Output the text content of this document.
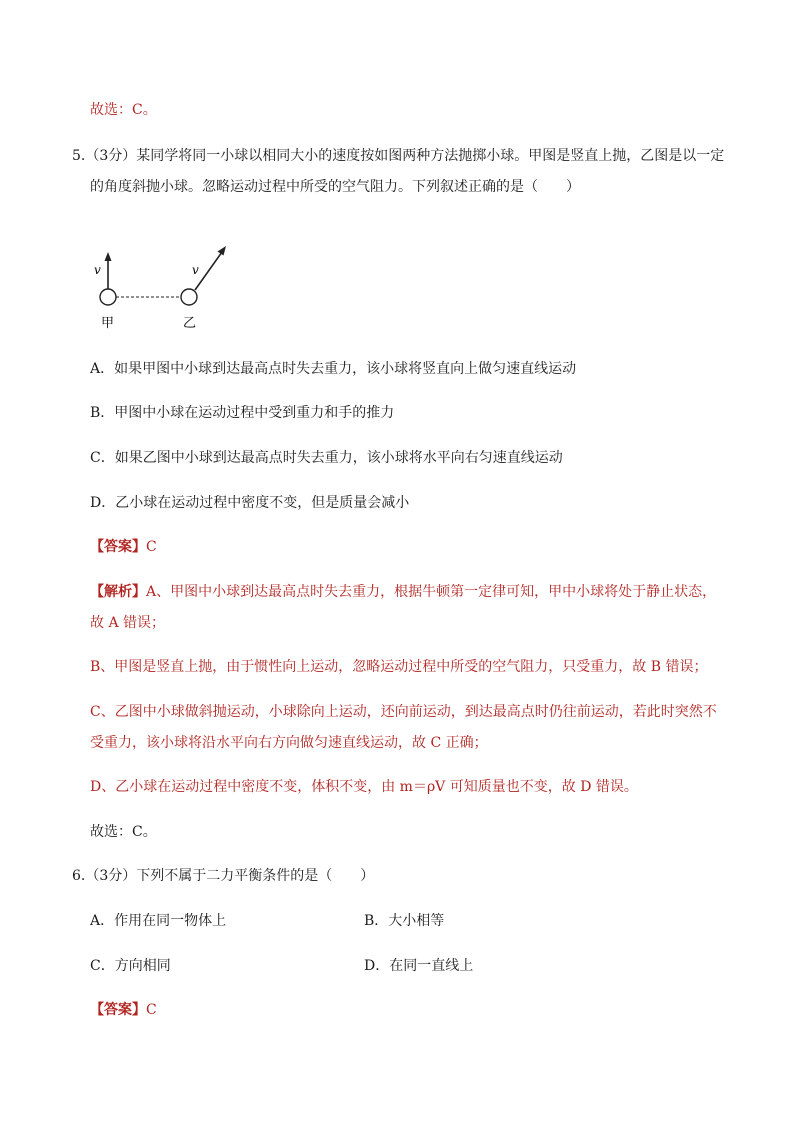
故选：C。
5.（3分）某同学将同一小球以相同大小的速度按如图两种方法抛掷小球。甲图是竖直上抛，乙图是以一定
的角度斜抛小球。忽略运动过程中所受的空气阻力。下列叙述正确的是（　　）
v
甲
v
乙
A．如果甲图中小球到达最高点时失去重力，该小球将竖直向上做匀速直线运动
B．甲图中小球在运动过程中受到重力和手的推力
C．如果乙图中小球到达最高点时失去重力，该小球将水平向右匀速直线运动
D．乙小球在运动过程中密度不变，但是质量会减小
【答案】C
【解析】A、甲图中小球到达最高点时失去重力，根据牛顿第一定律可知，甲中小球将处于静止状态，
故 A 错误；
B、甲图是竖直上抛，由于惯性向上运动，忽略运动过程中所受的空气阻力，只受重力，故 B 错误；
C、乙图中小球做斜抛运动，小球除向上运动，还向前运动，到达最高点时仍往前运动，若此时突然不
受重力，该小球将沿水平向右方向做匀速直线运动，故 C 正确；
D、乙小球在运动过程中密度不变，体积不变，由 m＝ρV 可知质量也不变，故 D 错误。
故选：C。
6.（3分）下列不属于二力平衡条件的是（　　）
A．作用在同一物体上	B．大小相等
C．方向相同	D．在同一直线上
【答案】C
